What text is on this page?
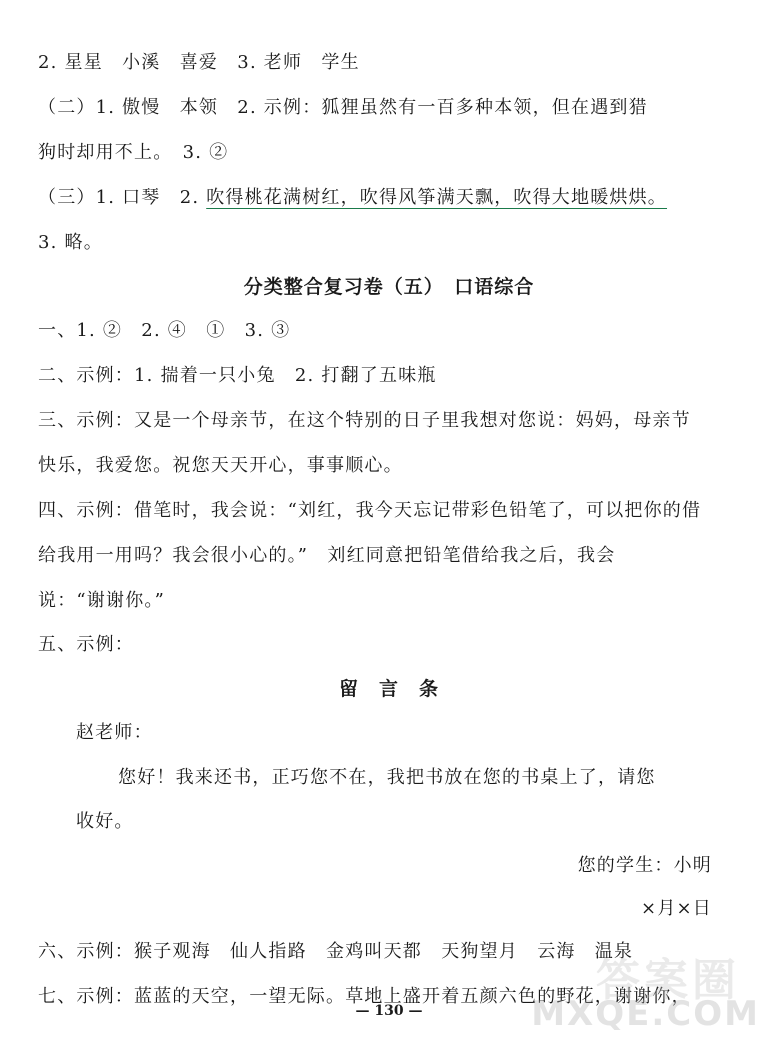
2. 星星　小溪　喜爱　3. 老师　学生
（二）1. 傲慢　本领　2. 示例：狐狸虽然有一百多种本领，但在遇到猎
狗时却用不上。　3. ②
（三）1. 口琴　2. 吹得桃花满树红，吹得风筝满天飘，吹得大地暖烘烘。
3. 略。
分类整合复习卷（五）　口语综合
一、1. ②　2. ④　①　3. ③
二、示例：1. 揣着一只小兔　2. 打翻了五味瓶
三、示例：又是一个母亲节，在这个特别的日子里我想对您说：妈妈，母亲节
快乐，我爱您。祝您天天开心，事事顺心。
四、示例：借笔时，我会说：“刘红，我今天忘记带彩色铅笔了，可以把你的借
给我用一用吗？我会很小心的。”　刘红同意把铅笔借给我之后，我会
说：“谢谢你。”
五、示例：
留　言　条
赵老师：
您好！我来还书，正巧您不在，我把书放在您的书桌上了，请您
收好。
您的学生：小明
×月×日
六、示例：猴子观海　仙人指路　金鸡叫天都　天狗望月　云海　温泉
七、示例：蓝蓝的天空，一望无际。草地上盛开着五颜六色的野花，谢谢你，
— 130 —
答案圈
MXQE.COM
